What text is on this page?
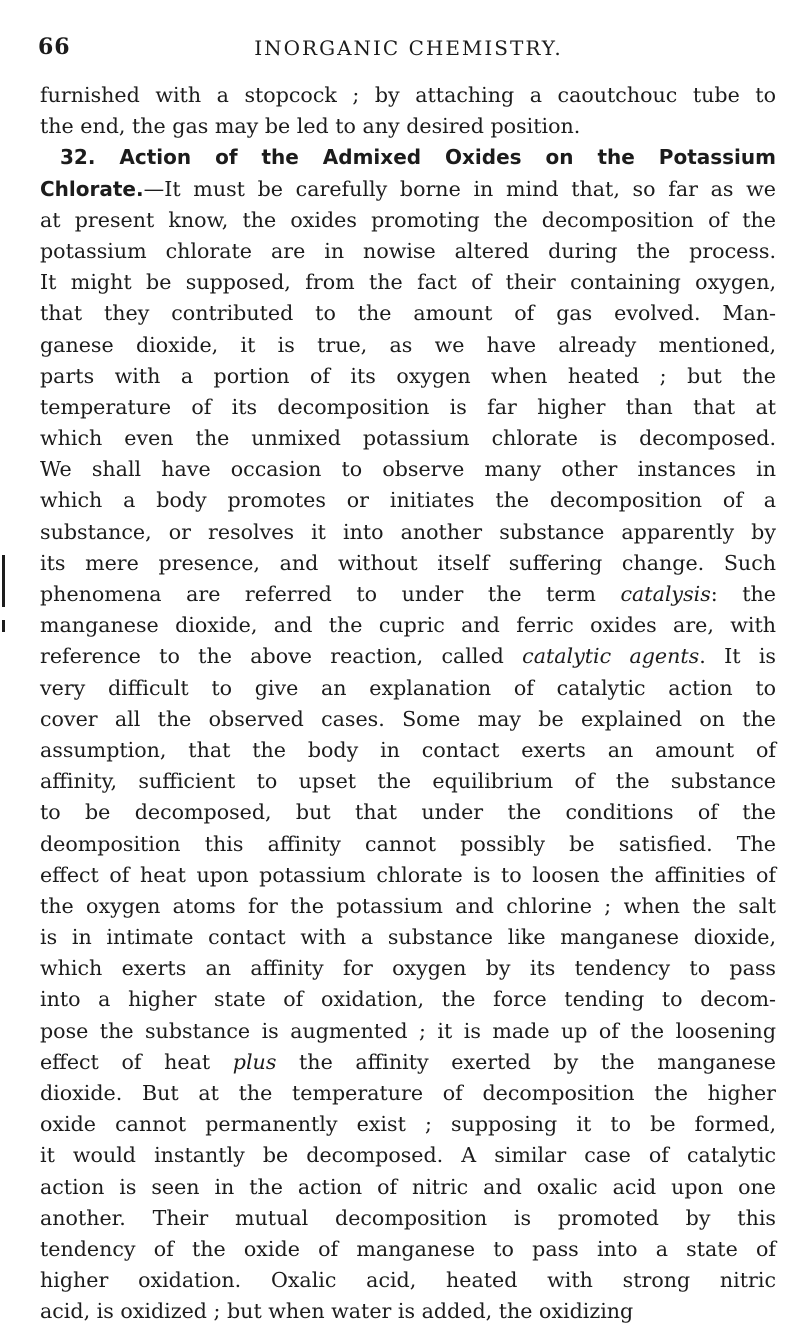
66	INORGANIC CHEMISTRY.
furnished with a stopcock ; by attaching a caoutchouc tube to
the end, the gas may be led to any desired position.
32. Action of the Admixed Oxides on the Potassium
Chlorate.—It must be carefully borne in mind that, so far as we
at present know, the oxides promoting the decomposition of the
potassium chlorate are in nowise altered during the process.
It might be supposed, from the fact of their containing oxygen,
that they contributed to the amount of gas evolved. Man-
ganese dioxide, it is true, as we have already mentioned,
parts with a portion of its oxygen when heated ; but the
temperature of its decomposition is far higher than that at
which even the unmixed potassium chlorate is decomposed.
We shall have occasion to observe many other instances in
which a body promotes or initiates the decomposition of a
substance, or resolves it into another substance apparently by
its mere presence, and without itself suffering change. Such
phenomena are referred to under the term catalysis: the
manganese dioxide, and the cupric and ferric oxides are, with
reference to the above reaction, called catalytic agents. It is
very difficult to give an explanation of catalytic action to
cover all the observed cases. Some may be explained on the
assumption, that the body in contact exerts an amount of
affinity, sufficient to upset the equilibrium of the substance
to be decomposed, but that under the conditions of the
deomposition this affinity cannot possibly be satisfied. The
effect of heat upon potassium chlorate is to loosen the affinities of
the oxygen atoms for the potassium and chlorine ; when the salt
is in intimate contact with a substance like manganese dioxide,
which exerts an affinity for oxygen by its tendency to pass
into a higher state of oxidation, the force tending to decom-
pose the substance is augmented ; it is made up of the loosening
effect of heat plus the affinity exerted by the manganese
dioxide. But at the temperature of decomposition the higher
oxide cannot permanently exist ; supposing it to be formed,
it would instantly be decomposed. A similar case of catalytic
action is seen in the action of nitric and oxalic acid upon one
another. Their mutual decomposition is promoted by this
tendency of the oxide of manganese to pass into a state of
higher oxidation. Oxalic acid, heated with strong nitric
acid, is oxidized ; but when water is added, the oxidizing
